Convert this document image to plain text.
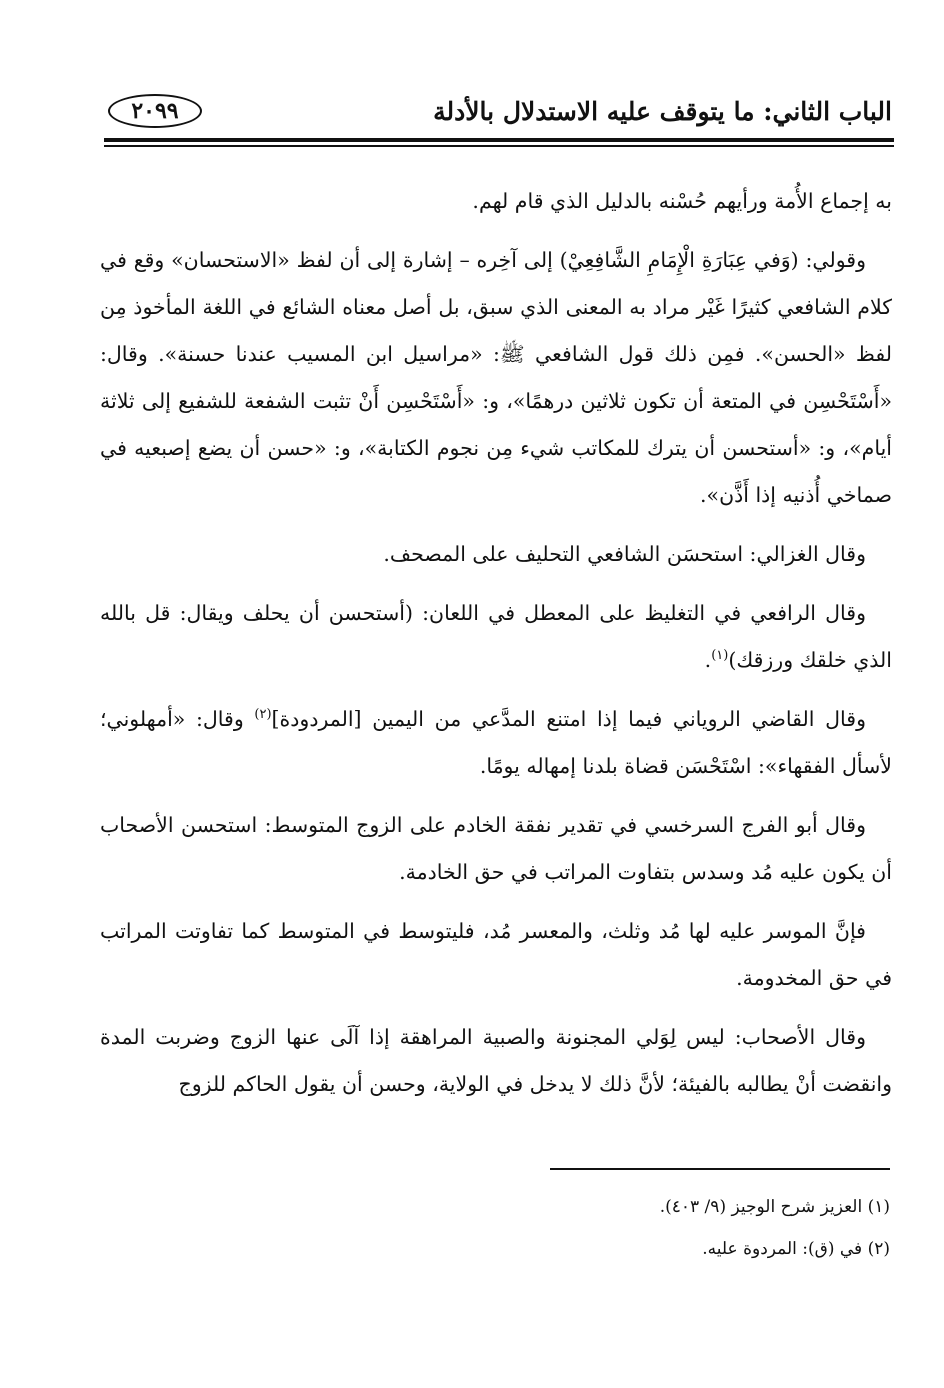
الباب الثاني: ما يتوقف عليه الاستدلال بالأدلة
٢٠٩٩

به إجماع الأُمة ورأيهم حُسْنه بالدليل الذي قام لهم.

وقولي: (وَفي عِبَارَةِ الْإِمَامِ الشَّافِعِيْ) إلى آخِره – إشارة إلى أن لفظ «الاستحسان» وقع في كلام الشافعي كثيرًا غَيْر مراد به المعنى الذي سبق، بل أصل معناه الشائع في اللغة المأخوذ مِن لفظ «الحسن». فمِن ذلك قول الشافعي ﷺ: «مراسيل ابن المسيب عندنا حسنة». وقال: «أَسْتَحْسِن في المتعة أن تكون ثلاثين درهمًا»، و: «أَسْتَحْسِن أَنْ تثبت الشفعة للشفيع إلى ثلاثة أيام»، و: «أستحسن أن يترك للمكاتب شيء مِن نجوم الكتابة»، و: «حسن أن يضع إصبعيه في صماخي أُذنيه إذا أَذَّن».

وقال الغزالي: استحسَن الشافعي التحليف على المصحف.

وقال الرافعي في التغليظ على المعطل في اللعان: (أستحسن أن يحلف ويقال: قل بالله الذي خلقك ورزقك)$^{(١)}$.

وقال القاضي الروياني فيما إذا امتنع المدَّعي من اليمين [المردودة]$^{(٢)}$ وقال: «أمهلوني؛ لأسأل الفقهاء»: اسْتَحْسَن قضاة بلدنا إمهاله يومًا.

وقال أبو الفرج السرخسي في تقدير نفقة الخادم على الزوج المتوسط: استحسن الأصحاب أن يكون عليه مُد وسدس بتفاوت المراتب في حق الخادمة.

فإنَّ الموسر عليه لها مُد وثلث، والمعسر مُد، فليتوسط في المتوسط كما تفاوتت المراتب في حق المخدومة.

وقال الأصحاب: ليس لِوَلي المجنونة والصبية المراهقة إذا آلَى عنها الزوج وضربت المدة وانقضت أنْ يطالبه بالفيئة؛ لأنَّ ذلك لا يدخل في الولاية، وحسن أن يقول الحاكم للزوج

(١) العزيز شرح الوجيز (٩/ ٤٠٣).
(٢) في (ق): المردوة عليه.
